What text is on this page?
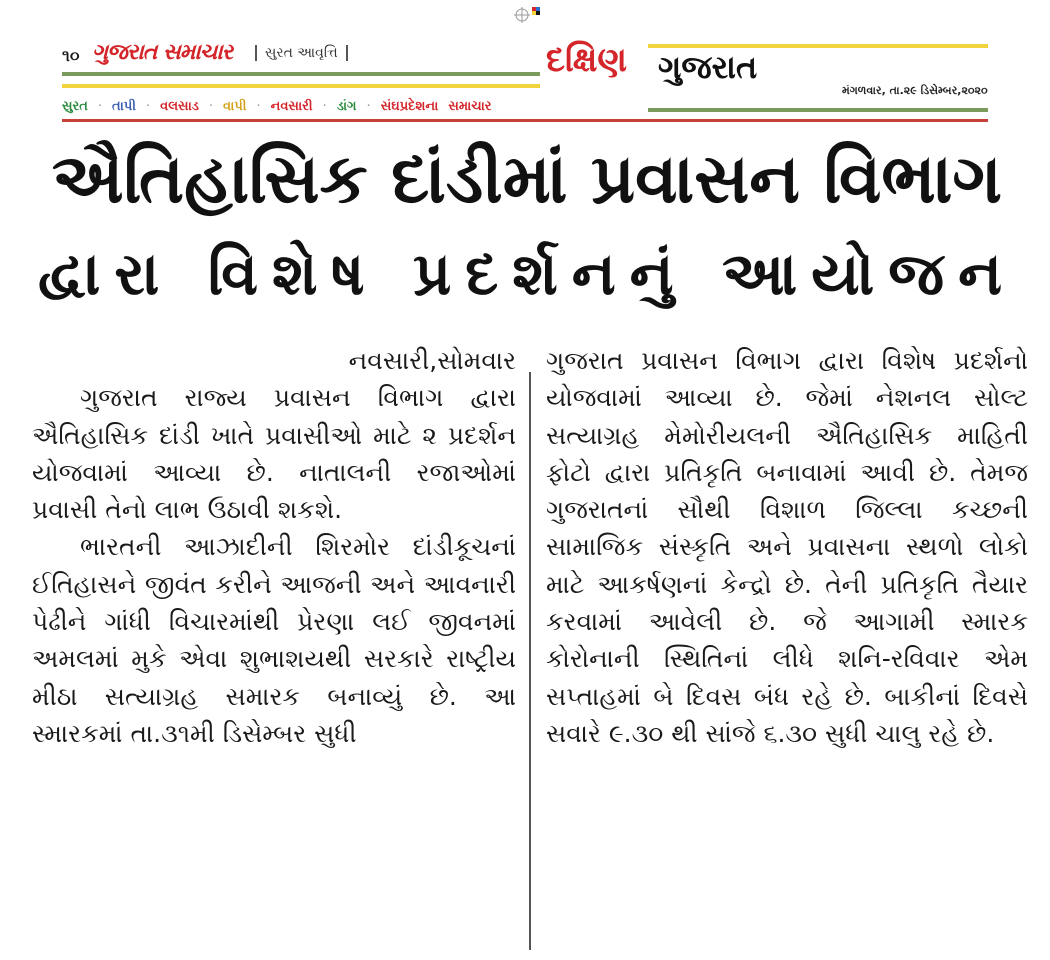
૧૦ ગુજરાત સમાચાર	સુરત આવૃત્તિ	દક્ષિણ ગુજરાત
મંગળવાર, તા.૨૯ ડિસેમ્બર,૨૦૨૦
સુરત · તાપી · વલસાડ · વાપી · નવસારી · ડાંગ · સંઘપ્રદેશના સમાચાર
ઐતિહાસિક દાંડીમાં પ્રવાસન વિભાગ
દ્વારા વિશેષ પ્રદર્શનનું આયોજન

નવસારી,સોમવાર

ગુજરાત રાજ્ય પ્રવાસન વિભાગ દ્વારા ઐતિહાસિક દાંડી ખાતે પ્રવાસીઓ માટે ૨ પ્રદર્શન યોજવામાં આવ્યા છે. નાતાલની રજાઓમાં પ્રવાસી તેનો લાભ ઉઠાવી શકશે.

ભારતની આઝાદીની શિરમોર દાંડીકૂચનાં ઈતિહાસને જીવંત કરીને આજની અને આવનારી પેઢીને ગાંધી વિચારમાંથી પ્રેરણા લઈ જીવનમાં અમલમાં મુકે એવા શુભાશયથી સરકારે રાષ્ટ્રીય મીઠા સત્યાગ્રહ સમારક બનાવ્યું છે. આ સ્મારકમાં તા.૩૧મી ડિસેમ્બર સુધી

ગુજરાત પ્રવાસન વિભાગ દ્વારા વિશેષ પ્રદર્શનો યોજવામાં આવ્યા છે. જેમાં નેશનલ સોલ્ટ સત્યાગ્રહ મેમોરીયલની ઐતિહાસિક માહિતી ફોટો દ્વારા પ્રતિકૃતિ બનાવામાં આવી છે. તેમજ ગુજરાતનાં સૌથી વિશાળ જિલ્લા કચ્છની સામાજિક સંસ્કૃતિ અને પ્રવાસના સ્થળો લોકો માટે આકર્ષણનાં કેન્દ્રો છે. તેની પ્રતિકૃતિ તૈયાર કરવામાં આવેલી છે. જે આગામી સ્મારક કોરોનાની સ્થિતિનાં લીધે શનિ-રવિવાર એમ સપ્તાહમાં બે દિવસ બંધ રહે છે. બાકીનાં દિવસે સવારે ૯.૩૦ થી સાંજે ૬.૩૦ સુધી ચાલુ રહે છે.
